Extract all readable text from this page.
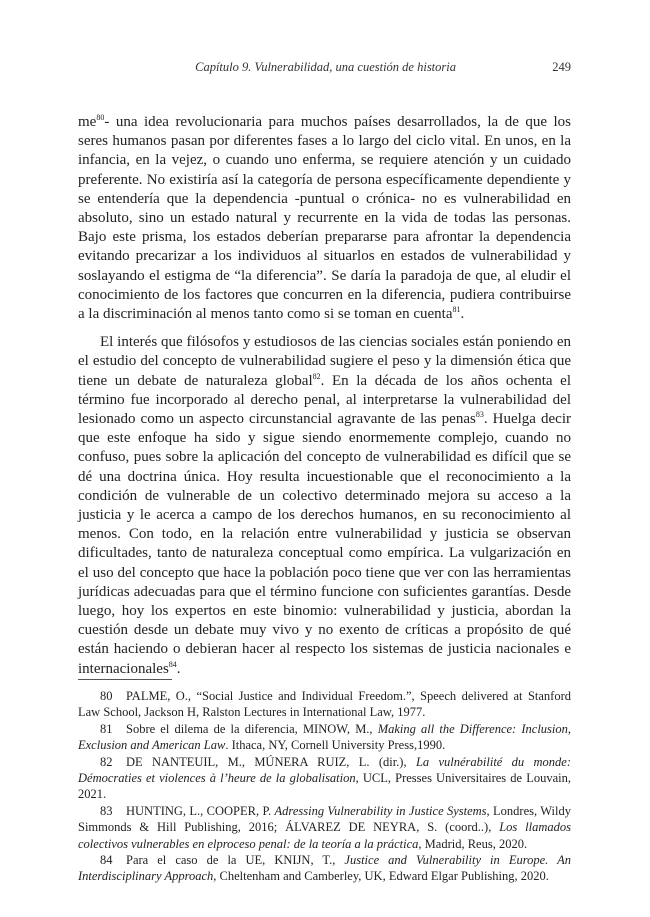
Capítulo 9. Vulnerabilidad, una cuestión de historia	249

$me^{80}-$ una idea revolucionaria para muchos países desarrollados, la de que los seres humanos pasan por diferentes fases a lo largo del ciclo vital. En unos, en la infancia, en la vejez, o cuando uno enferma, se requiere atención y un cuidado preferente. No existiría así la categoría de persona específicamente dependiente y se entendería que la dependencia -puntual o crónica- no es vulnerabilidad en absoluto, sino un estado natural y recurrente en la vida de todas las personas. Bajo este prisma, los estados deberían prepararse para afrontar la dependencia evitando precarizar a los individuos al situarlos en estados de vulnerabilidad y soslayando el estigma de “la diferencia”. Se daría la paradoja de que, al eludir el conocimiento de los factores que concurren en la diferencia, pudiera contribuirse a la discriminación al menos tanto como si se toman en cuenta$^{81}$.

El interés que filósofos y estudiosos de las ciencias sociales están poniendo en el estudio del concepto de vulnerabilidad sugiere el peso y la dimensión ética que tiene un debate de naturaleza global$^{82}$. En la década de los años ochenta el término fue incorporado al derecho penal, al interpretarse la vulnerabilidad del lesionado como un aspecto circunstancial agravante de las penas$^{83}$. Huelga decir que este enfoque ha sido y sigue siendo enormemente complejo, cuando no confuso, pues sobre la aplicación del concepto de vulnerabilidad es difícil que se dé una doctrina única. Hoy resulta incuestionable que el reconocimiento a la condición de vulnerable de un colectivo determinado mejora su acceso a la justicia y le acerca a campo de los derechos humanos, en su reconocimiento al menos. Con todo, en la relación entre vulnerabilidad y justicia se observan dificultades, tanto de naturaleza conceptual como empírica. La vulgarización en el uso del concepto que hace la población poco tiene que ver con las herramientas jurídicas adecuadas para que el término funcione con suficientes garantías. Desde luego, hoy los expertos en este binomio: vulnerabilidad y justicia, abordan la cuestión desde un debate muy vivo y no exento de críticas a propósito de qué están haciendo o debieran hacer al respecto los sistemas de justicia nacionales e internacionales$^{84}$.

80 PALME, O., “Social Justice and Individual Freedom.”, Speech delivered at Stanford Law School, Jackson H, Ralston Lectures in International Law, 1977.

81 Sobre el dilema de la diferencia, MINOW, M., Making all the Difference: Inclusion, Exclusion and American Law. Ithaca, NY, Cornell University Press,1990.

82 DE NANTEUIL, M., MÚNERA RUIZ, L. (dir.), La vulnérabilité du monde: Démocraties et violences à l’heure de la globalisation, UCL, Presses Universitaires de Louvain, 2021.

83 HUNTING, L., COOPER, P. Adressing Vulnerability in Justice Systems, Londres, Wildy Simmonds & Hill Publishing, 2016; ÁLVAREZ DE NEYRA, S. (coord..), Los llamados colectivos vulnerables en elproceso penal: de la teoría a la práctica, Madrid, Reus, 2020.

84 Para el caso de la UE, KNIJN, T., Justice and Vulnerability in Europe. An Interdisciplinary Approach, Cheltenham and Camberley, UK, Edward Elgar Publishing, 2020.
